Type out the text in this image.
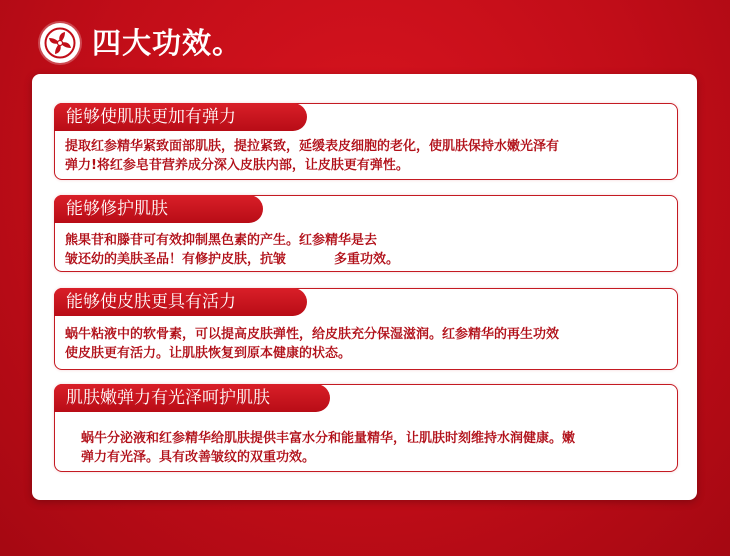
四大功效。
能够使肌肤更加有弹力
提取红参精华紧致面部肌肤，提拉紧致，延缓表皮细胞的老化，使肌肤保持水嫩光泽有
弹力!将红参皂苷营养成分深入皮肤内部，让皮肤更有弹性。
能够修护肌肤
熊果苷和滕苷可有效抑制黑色素的产生。红参精华是去
皱还幼的美肤圣品！有修护皮肤，抗皱	多重功效。
能够使皮肤更具有活力
蜗牛粘液中的软骨素，可以提高皮肤弹性，给皮肤充分保湿滋润。红参精华的再生功效
使皮肤更有活力。让肌肤恢复到原本健康的状态。
肌肤嫩弹力有光泽呵护肌肤
蜗牛分泌液和红参精华给肌肤提供丰富水分和能量精华，让肌肤时刻维持水润健康。嫩
弹力有光泽。具有改善皱纹的双重功效。
